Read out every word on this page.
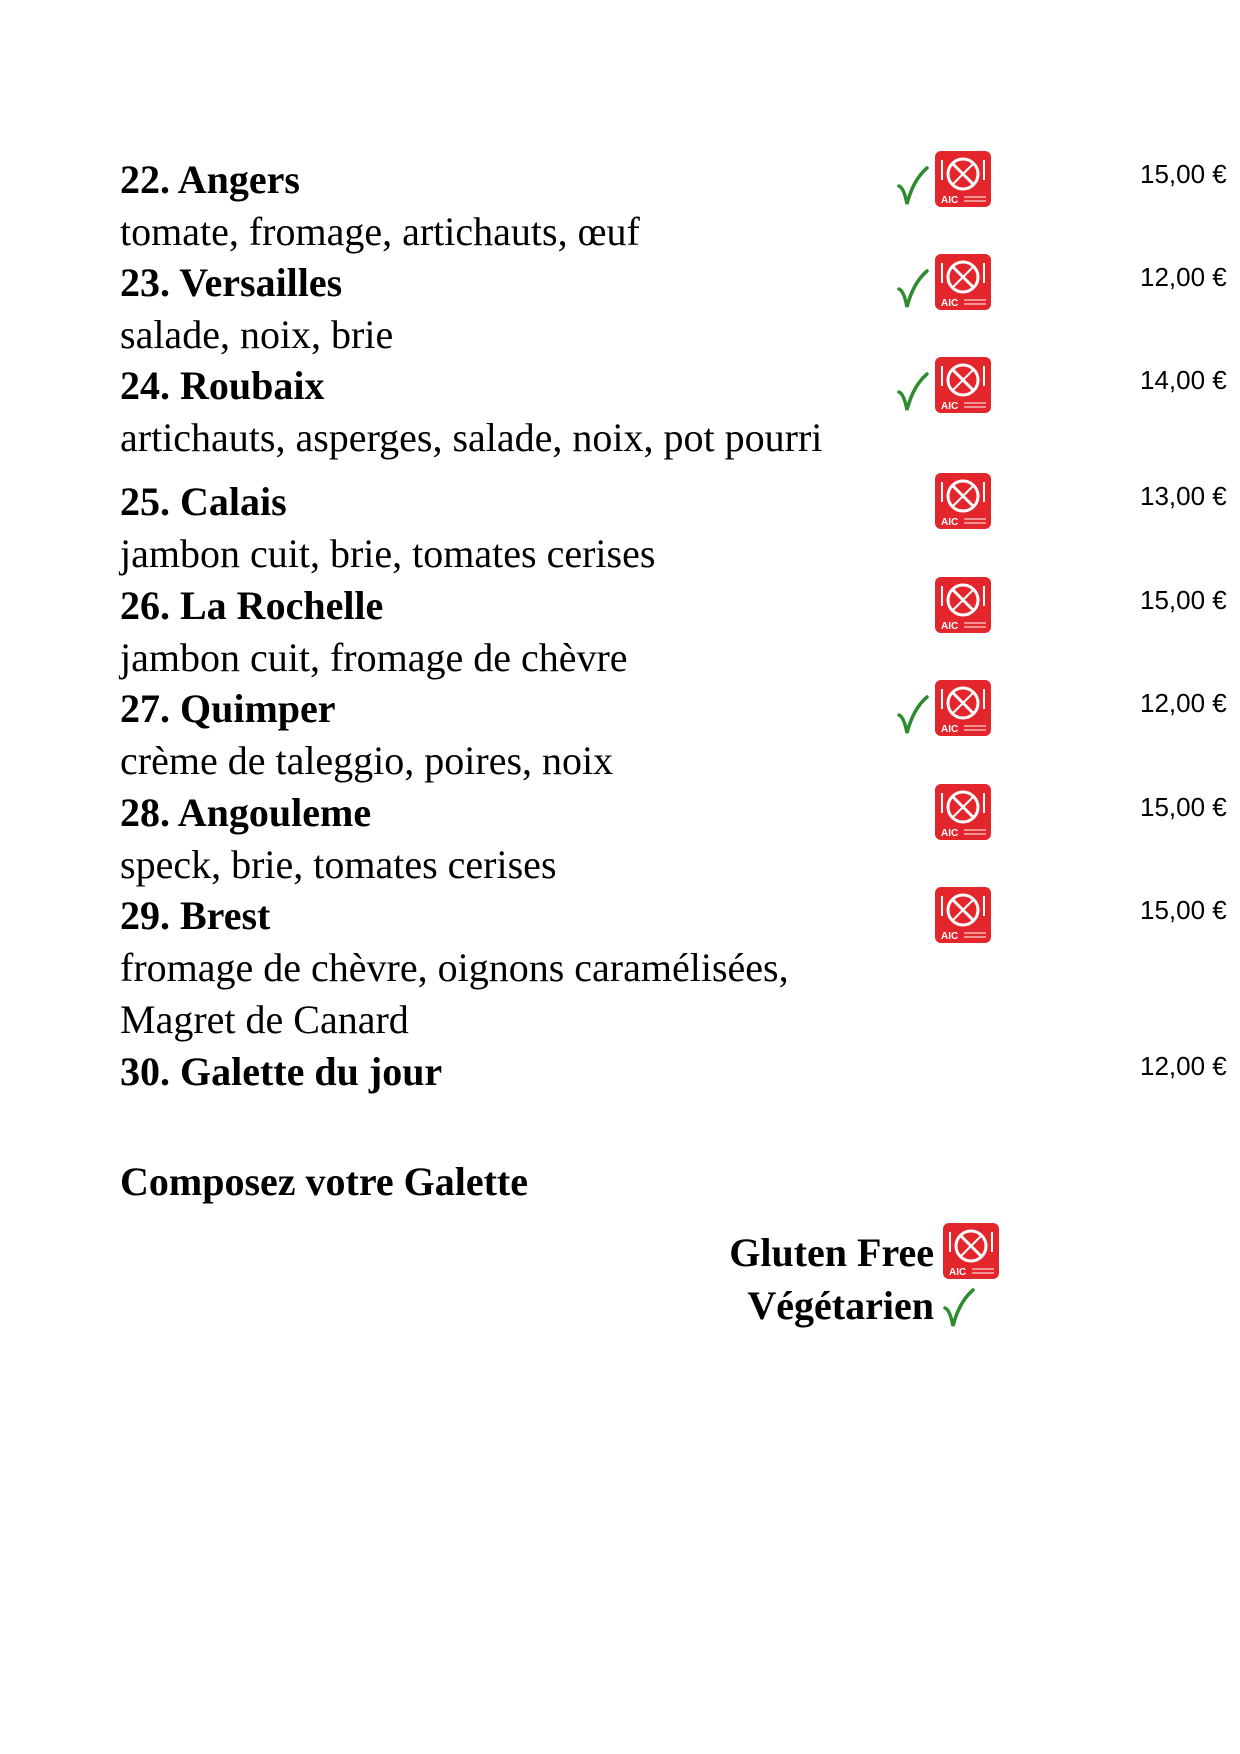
22. Angers
tomate, fromage, artichauts, œuf
AIC
15,00 €
23. Versailles
salade, noix, brie
AIC
12,00 €
24. Roubaix
artichauts, asperges, salade, noix, pot pourri
AIC
14,00 €
25. Calais
jambon cuit, brie, tomates cerises
AIC
13,00 €
26. La Rochelle
jambon cuit, fromage de chèvre
AIC
15,00 €
27. Quimper
crème de taleggio, poires, noix
AIC
12,00 €
28. Angouleme
speck, brie, tomates cerises
AIC
15,00 €
29. Brest
fromage de chèvre, oignons caramélisées,
Magret de Canard
AIC
15,00 €
30. Galette du jour	12,00 €
Composez votre Galette
Gluten Free AIC
Végétarien
